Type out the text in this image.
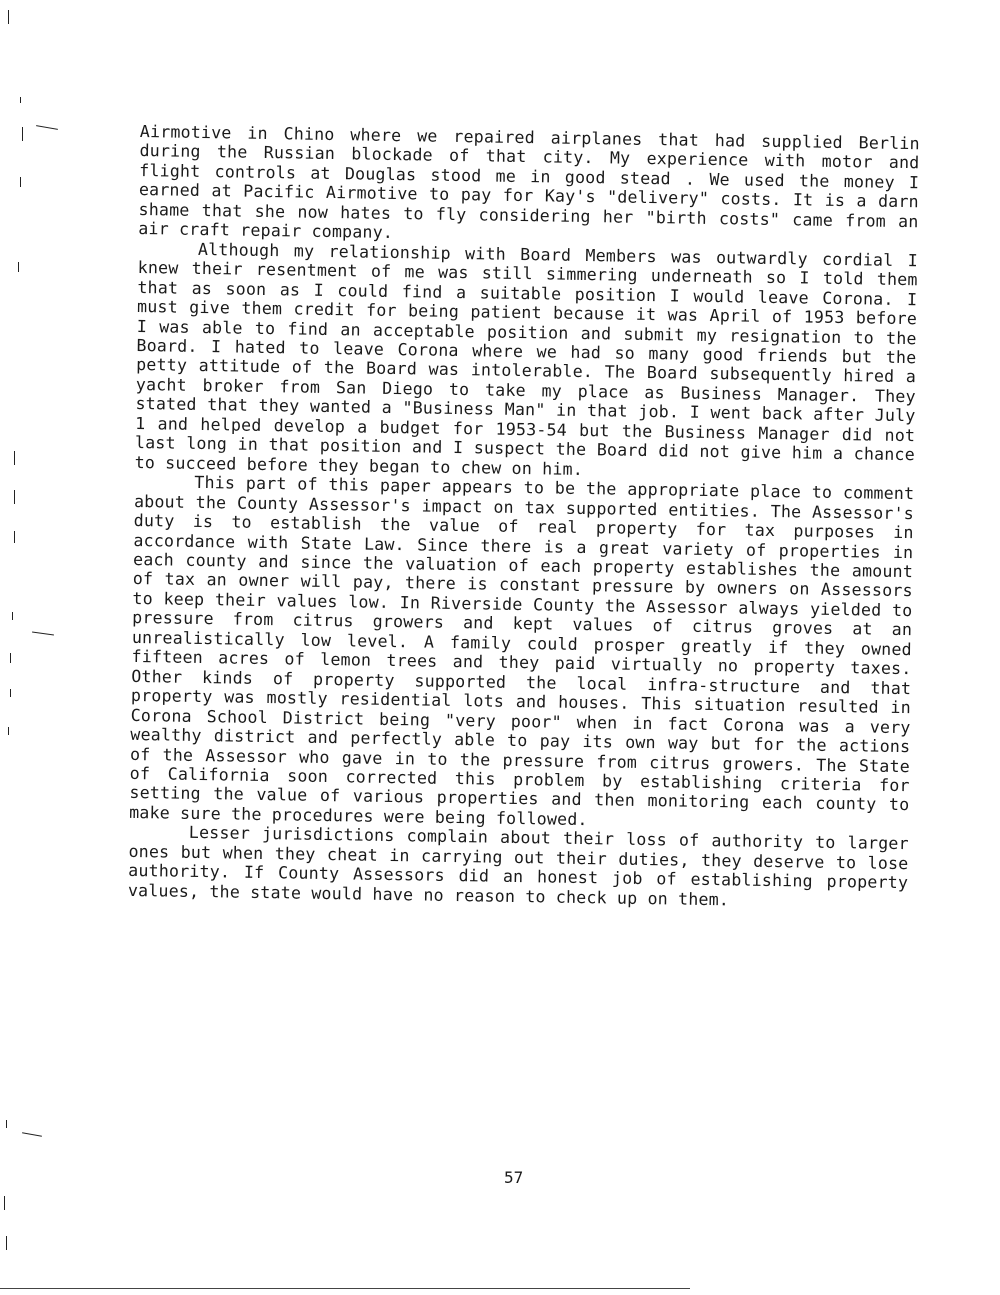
Airmotive in Chino where we repaired airplanes that had supplied Berlin during the Russian blockade of that city. My experience with motor and flight controls at Douglas stood me in good stead . We used the money I earned at Pacific Airmotive to pay for Kay's "delivery" costs. It is a darn shame that she now hates to fly considering her "birth costs" came from an air craft repair company.

Although my relationship with Board Members was outwardly cordial I knew their resentment of me was still simmering underneath so I told them that as soon as I could find a suitable position I would leave Corona. I must give them credit for being patient because it was April of 1953 before I was able to find an acceptable position and submit my resignation to the Board. I hated to leave Corona where we had so many good friends but the petty attitude of the Board was intolerable. The Board subsequently hired a yacht broker from San Diego to take my place as Business Manager. They stated that they wanted a "Business Man" in that job. I went back after July 1 and helped develop a budget for 1953-54 but the Business Manager did not last long in that position and I suspect the Board did not give him a chance to succeed before they began to chew on him.

This part of this paper appears to be the appropriate place to comment about the County Assessor's impact on tax supported entities. The Assessor's duty is to establish the value of real property for tax purposes in accordance with State Law. Since there is a great variety of properties in each county and since the valuation of each property establishes the amount of tax an owner will pay, there is constant pressure by owners on Assessors to keep their values low. In Riverside County the Assessor always yielded to pressure from citrus growers and kept values of citrus groves at an unrealistically low level. A family could prosper greatly if they owned fifteen acres of lemon trees and they paid virtually no property taxes. Other kinds of property supported the local infra-structure and that property was mostly residential lots and houses. This situation resulted in Corona School District being "very poor" when in fact Corona was a very wealthy district and perfectly able to pay its own way but for the actions of the Assessor who gave in to the pressure from citrus growers. The State of California soon corrected this problem by establishing criteria for setting the value of various properties and then monitoring each county to make sure the procedures were being followed.

Lesser jurisdictions complain about their loss of authority to larger ones but when they cheat in carrying out their duties, they deserve to lose authority. If County Assessors did an honest job of establishing property values, the state would have no reason to check up on them.

57
